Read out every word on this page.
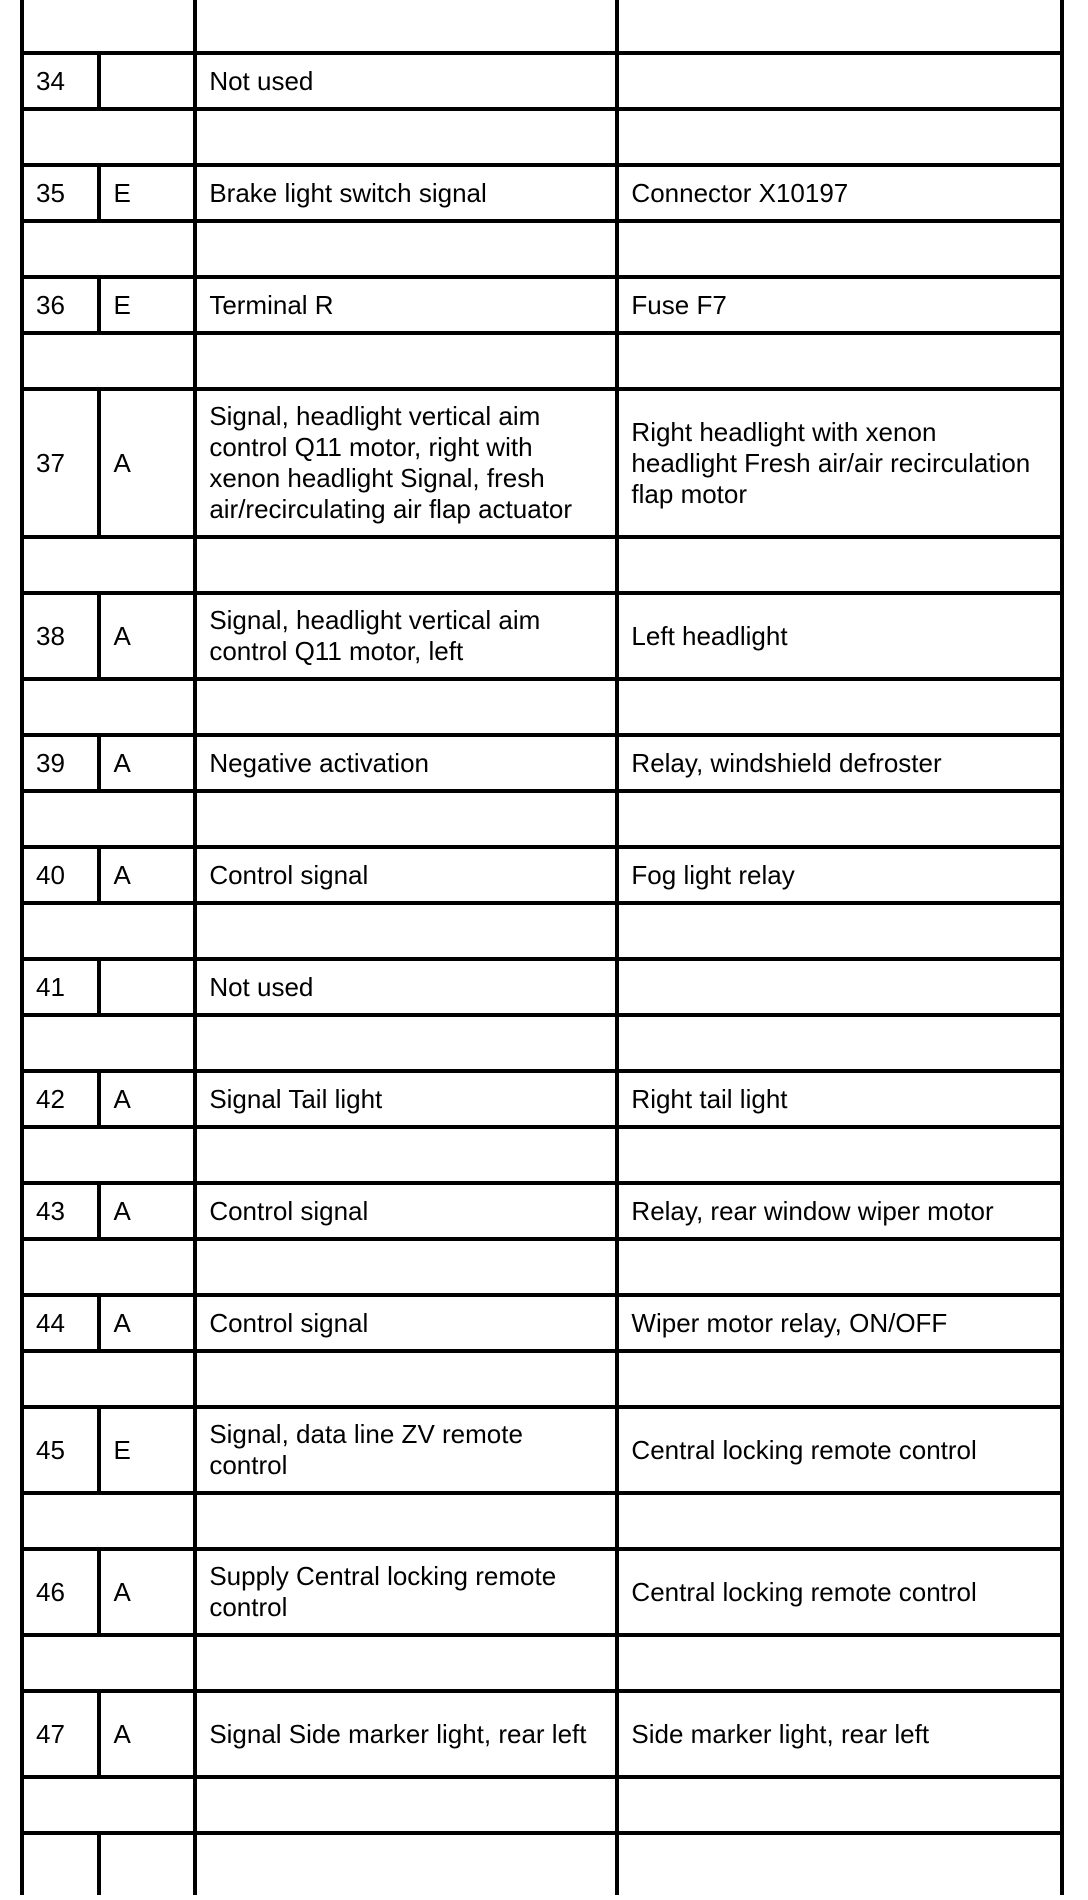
34		Not used	

35	E	Brake light switch signal	Connector X10197

36	E	Terminal R	Fuse F7

37	A	Signal, headlight vertical aim control Q11 motor, right with xenon headlight Signal, fresh air/recirculating air flap actuator	Right headlight with xenon headlight Fresh air/air recirculation flap motor

38	A	Signal, headlight vertical aim control Q11 motor, left	Left headlight

39	A	Negative activation	Relay, windshield defroster

40	A	Control signal	Fog light relay

41		Not used	

42	A	Signal Tail light	Right tail light

43	A	Control signal	Relay, rear window wiper motor

44	A	Control signal	Wiper motor relay, ON/OFF

45	E	Signal, data line ZV remote control	Central locking remote control

46	A	Supply Central locking remote control	Central locking remote control

47	A	Signal Side marker light, rear left	Side marker light, rear left
